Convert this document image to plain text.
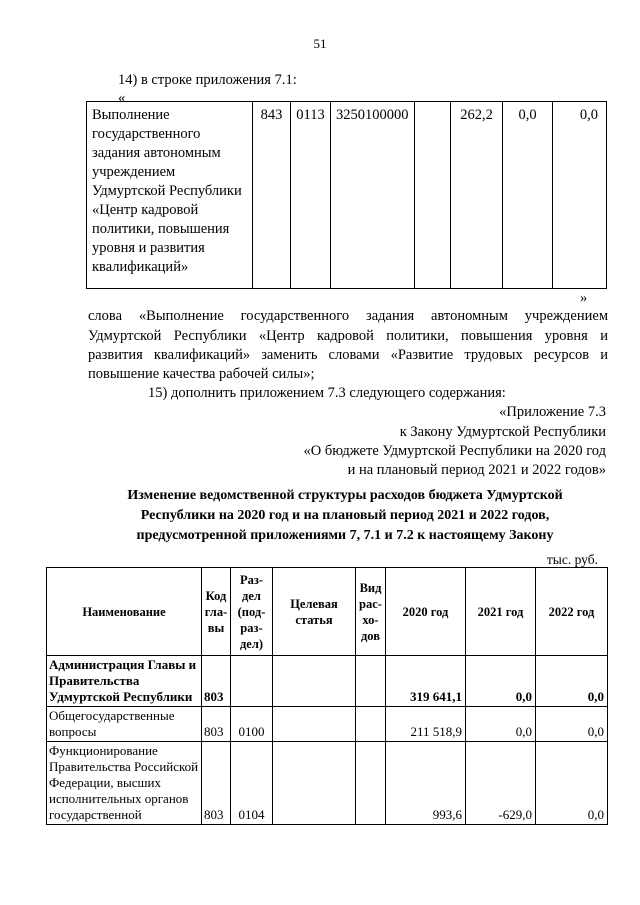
51
14) в строке приложения 7.1:
«
Выполнение государственного задания автономным учреждением Удмуртской Республики «Центр кадровой политики, повышения уровня и развития квалификаций»	843	0113	3250100000		262,2	0,0	0,0
»
слова «Выполнение государственного задания автономным учреждением
Удмуртской Республики «Центр кадровой политики, повышения уровня и
развития квалификаций» заменить словами «Развитие трудовых ресурсов и
повышение качества рабочей силы»;
15) дополнить приложением 7.3 следующего содержания:
«Приложение 7.3
к Закону Удмуртской Республики
«О бюджете Удмуртской Республики на 2020 год
и на плановый период 2021 и 2022 годов»
Изменение ведомственной структуры расходов бюджета Удмуртской
Республики на 2020 год и на плановый период 2021 и 2022 годов,
предусмотренной приложениями 7, 7.1 и 7.2 к настоящему Закону
тыс. руб.
Наименование	Код гла-вы	Раз-дел (под-раз-дел)	Целевая статья	Вид рас-хо-дов	2020 год	2021 год	2022 год
Администрация Главы и Правительства Удмуртской Республики	803				319 641,1	0,0	0,0
Общегосударственные вопросы	803	0100			211 518,9	0,0	0,0
Функционирование Правительства Российской Федерации, высших исполнительных органов государственной	803	0104			993,6	-629,0	0,0
